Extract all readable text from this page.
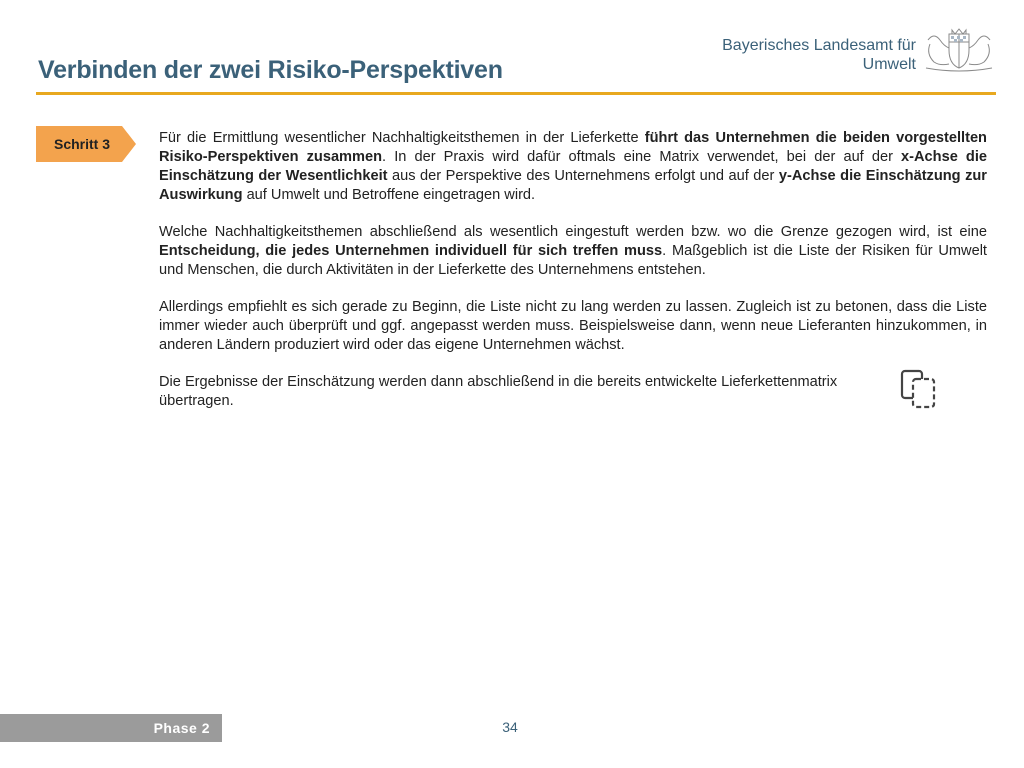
Verbinden der zwei Risiko-Perspektiven
Bayerisches Landesamt für
Umwelt
Schritt 3	Für die Ermittlung wesentlicher Nachhaltigkeitsthemen in der Lieferkette führt das Unternehmen die beiden vorgestellten Risiko-Perspektiven zusammen. In der Praxis wird dafür oftmals eine Matrix verwendet, bei der auf der x-Achse die Einschätzung der Wesentlichkeit aus der Perspektive des Unternehmens erfolgt und auf der y-Achse die Einschätzung zur Auswirkung auf Umwelt und Betroffene eingetragen wird.

Welche Nachhaltigkeitsthemen abschließend als wesentlich eingestuft werden bzw. wo die Grenze gezogen wird, ist eine Entscheidung, die jedes Unternehmen individuell für sich treffen muss. Maßgeblich ist die Liste der Risiken für Umwelt und Menschen, die durch Aktivitäten in der Lieferkette des Unternehmens entstehen.

Allerdings empfiehlt es sich gerade zu Beginn, die Liste nicht zu lang werden zu lassen. Zugleich ist zu betonen, dass die Liste immer wieder auch überprüft und ggf. angepasst werden muss. Beispielsweise dann, wenn neue Lieferanten hinzukommen, in anderen Ländern produziert wird oder das eigene Unternehmen wächst.

Die Ergebnisse der Einschätzung werden dann abschließend in die bereits entwickelte Lieferkettenmatrix
übertragen.

Phase 2	34
